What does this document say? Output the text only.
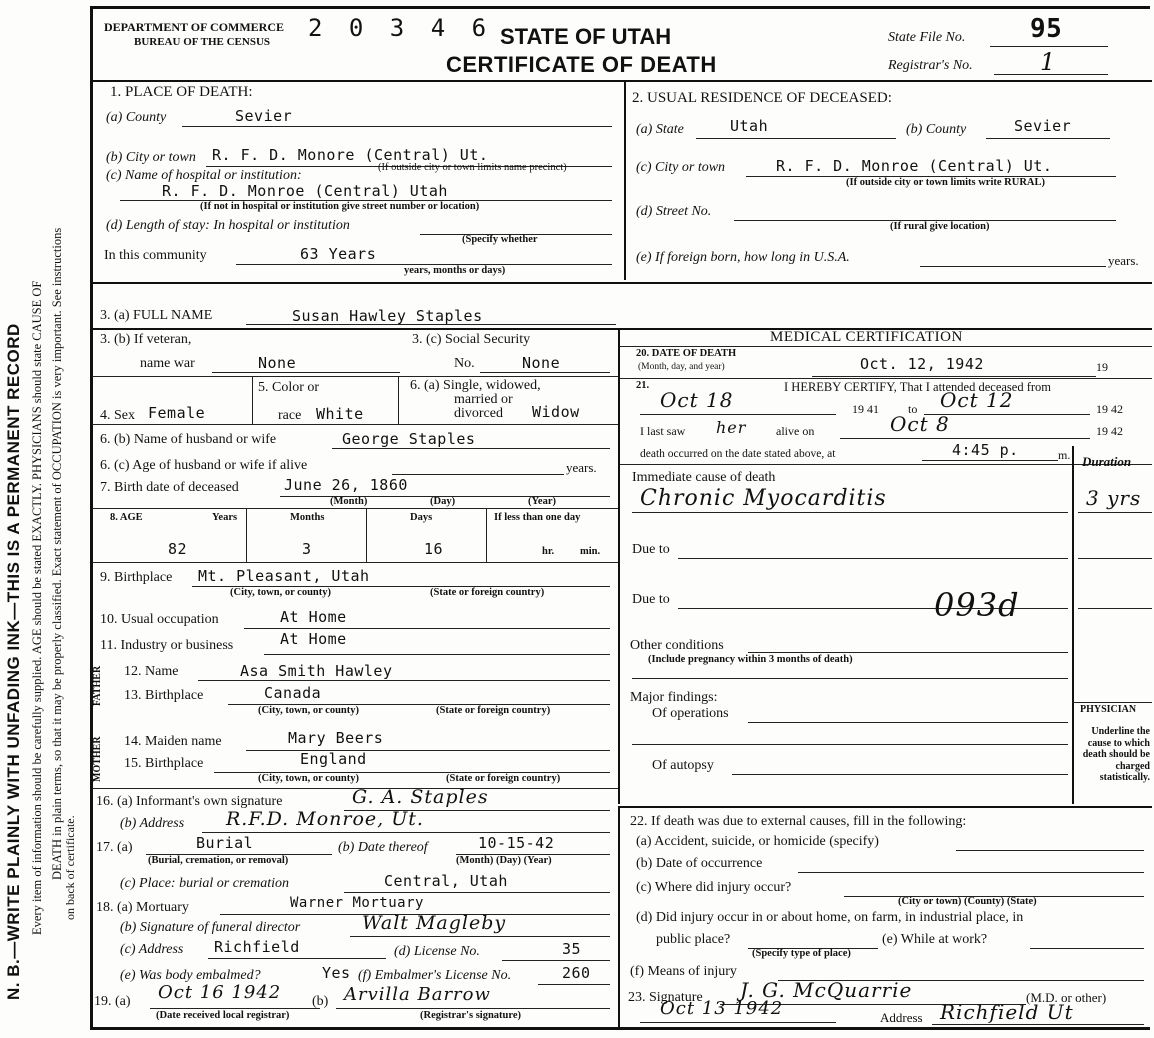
N. B.—WRITE PLAINLY WITH UNFADING INK—THIS IS A PERMANENT RECORD Every item of information should be carefully supplied. AGE should be stated EXACTLY. PHYSICIANS should state CAUSE OF DEATH in plain terms, so that it may be properly classified. Exact statement of OCCUPATION is very important. See instructions on back of certificate.
DEPARTMENT OF COMMERCE
BUREAU OF THE CENSUS 2 0 3 4 6 STATE OF UTAH
CERTIFICATE OF DEATH
State File No. 95
Registrar's No.	1
1. PLACE OF DEATH:
(a) County	Sevier
(b) City or town R. F. D. Monore (Central) Ut.
(c) Name of hospital or institution:
(If outside city or town limits name precinct)
R. F. D. Monroe (Central) Utah
(If not in hospital or institution give street number or location)
(d) Length of stay: In hospital or institution
(Specify whether
In this community	63 Years
years, months or days)
2. USUAL RESIDENCE OF DECEASED:
(a) State	Utah	(b) County	Sevier
(c) City or town	R. F. D. Monroe (Central) Ut.
(If outside city or town limits write RURAL)
(d) Street No.
(If rural give location)
(e) If foreign born, how long in U.S.A.	years.
3. (a) FULL NAME	Susan Hawley Staples
3. (b) If veteran,
name war	None
3. (c) Social Security
No.	None
4. Sex Female
5. Color or
race White
6. (a) Single, widowed,
married or
divorced Widow
6. (b) Name of husband or wife	George Staples
6. (c) Age of husband or wife if alive	years.
7. Birth date of deceased	June 26, 1860
(Month)	(Day)	(Year)
8. AGE	Years	Months	Days	If less than one day
82	3	16	hr. min.
9. Birthplace Mt. Pleasant, Utah
(City, town, or county)	(State or foreign country)
10. Usual occupation	At Home
11. Industry or business	At Home
FATHER
MOTHER
12. Name	Asa Smith Hawley
13. Birthplace	Canada
(City, town, or county)	(State or foreign country)
14. Maiden name	Mary Beers
15. Birthplace	England
(City, town, or county)	(State or foreign country)
16. (a) Informant's own signature	G. A. Staples
(b) Address R.F.D. Monroe, Ut.
17. (a)	Burial
(Burial, cremation, or removal)
(b) Date thereof	10-15-42
(Month) (Day) (Year)
(c) Place: burial or cremation	Central, Utah
18. (a) Mortuary	Warner Mortuary
(b) Signature of funeral director	Walt Magleby
(c) Address Richfield	(d) License No.	35
(e) Was body embalmed?	Yes (f) Embalmer's License No.	260
19. (a) Oct 16 1942 (b) Arvilla Barrow
(Date received local registrar)	(Registrar's signature)
MEDICAL CERTIFICATION
20. DATE OF DEATH
(Month, day, and year)	Oct. 12, 1942	19
21.	I HEREBY CERTIFY, That I attended deceased from
Oct 18	19 41 to Oct 12	19 42
I last saw her alive on	Oct 8	19 42
death occurred on the date stated above, at	4:45 p.	m. Duration
Immediate cause of death
Chronic Myocarditis	3 yrs
Due to
Due to	093d
Other conditions
(Include pregnancy within 3 months of death)
Major findings:
Of operations
Of autopsy
PHYSICIAN
Underline the cause to which death should be charged statistically.
22. If death was due to external causes, fill in the following:
(a) Accident, suicide, or homicide (specify)
(b) Date of occurrence
(c) Where did injury occur?
(City or town) (County) (State)
(d) Did injury occur in or about home, on farm, in industrial place, in
public place?
(Specify type of place)
(e) While at work?
(f) Means of injury
23. Signature J. G. McQuarrie	(M.D. or other)
Oct 13 1942	Address Richfield Ut
